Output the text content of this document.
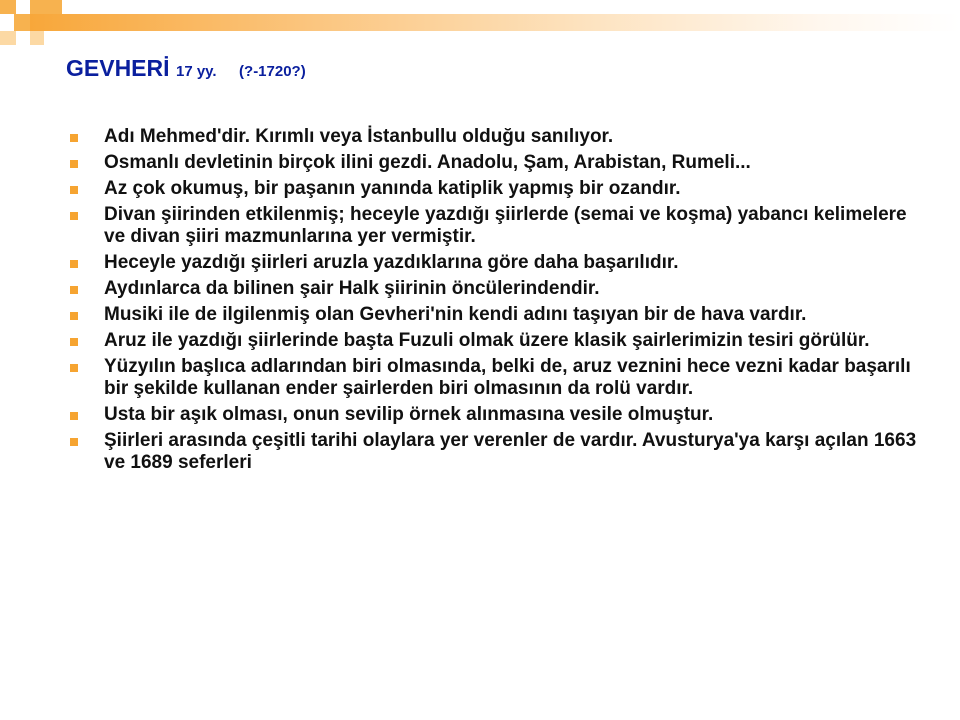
GEVHERİ 17 yy. (?-1720?)
Adı Mehmed'dir. Kırımlı veya İstanbullu olduğu sanılıyor.
Osmanlı devletinin birçok ilini gezdi. Anadolu, Şam, Arabistan, Rumeli...
Az çok okumuş, bir paşanın yanında katiplik yapmış bir ozandır.
Divan şiirinden etkilenmiş; heceyle yazdığı şiirlerde (semai ve koşma) yabancı kelimelere ve divan şiiri mazmunlarına yer vermiştir.
Heceyle yazdığı şiirleri aruzla yazdıklarına göre daha başarılıdır.
Aydınlarca da bilinen şair Halk şiirinin öncülerindendir.
Musiki ile de ilgilenmiş olan Gevheri'nin kendi adını taşıyan bir de hava vardır.
Aruz ile yazdığı şiirlerinde başta Fuzuli olmak üzere klasik şairlerimizin tesiri görülür.
Yüzyılın başlıca adlarından biri olmasında, belki de, aruz veznini hece vezni kadar başarılı bir şekilde kullanan ender şairlerden biri olmasının da rolü vardır.
Usta bir aşık olması, onun sevilip örnek alınmasına vesile olmuştur.
Şiirleri arasında çeşitli tarihi olaylara yer verenler de vardır. Avusturya'ya karşı açılan 1663 ve 1689 seferleri
